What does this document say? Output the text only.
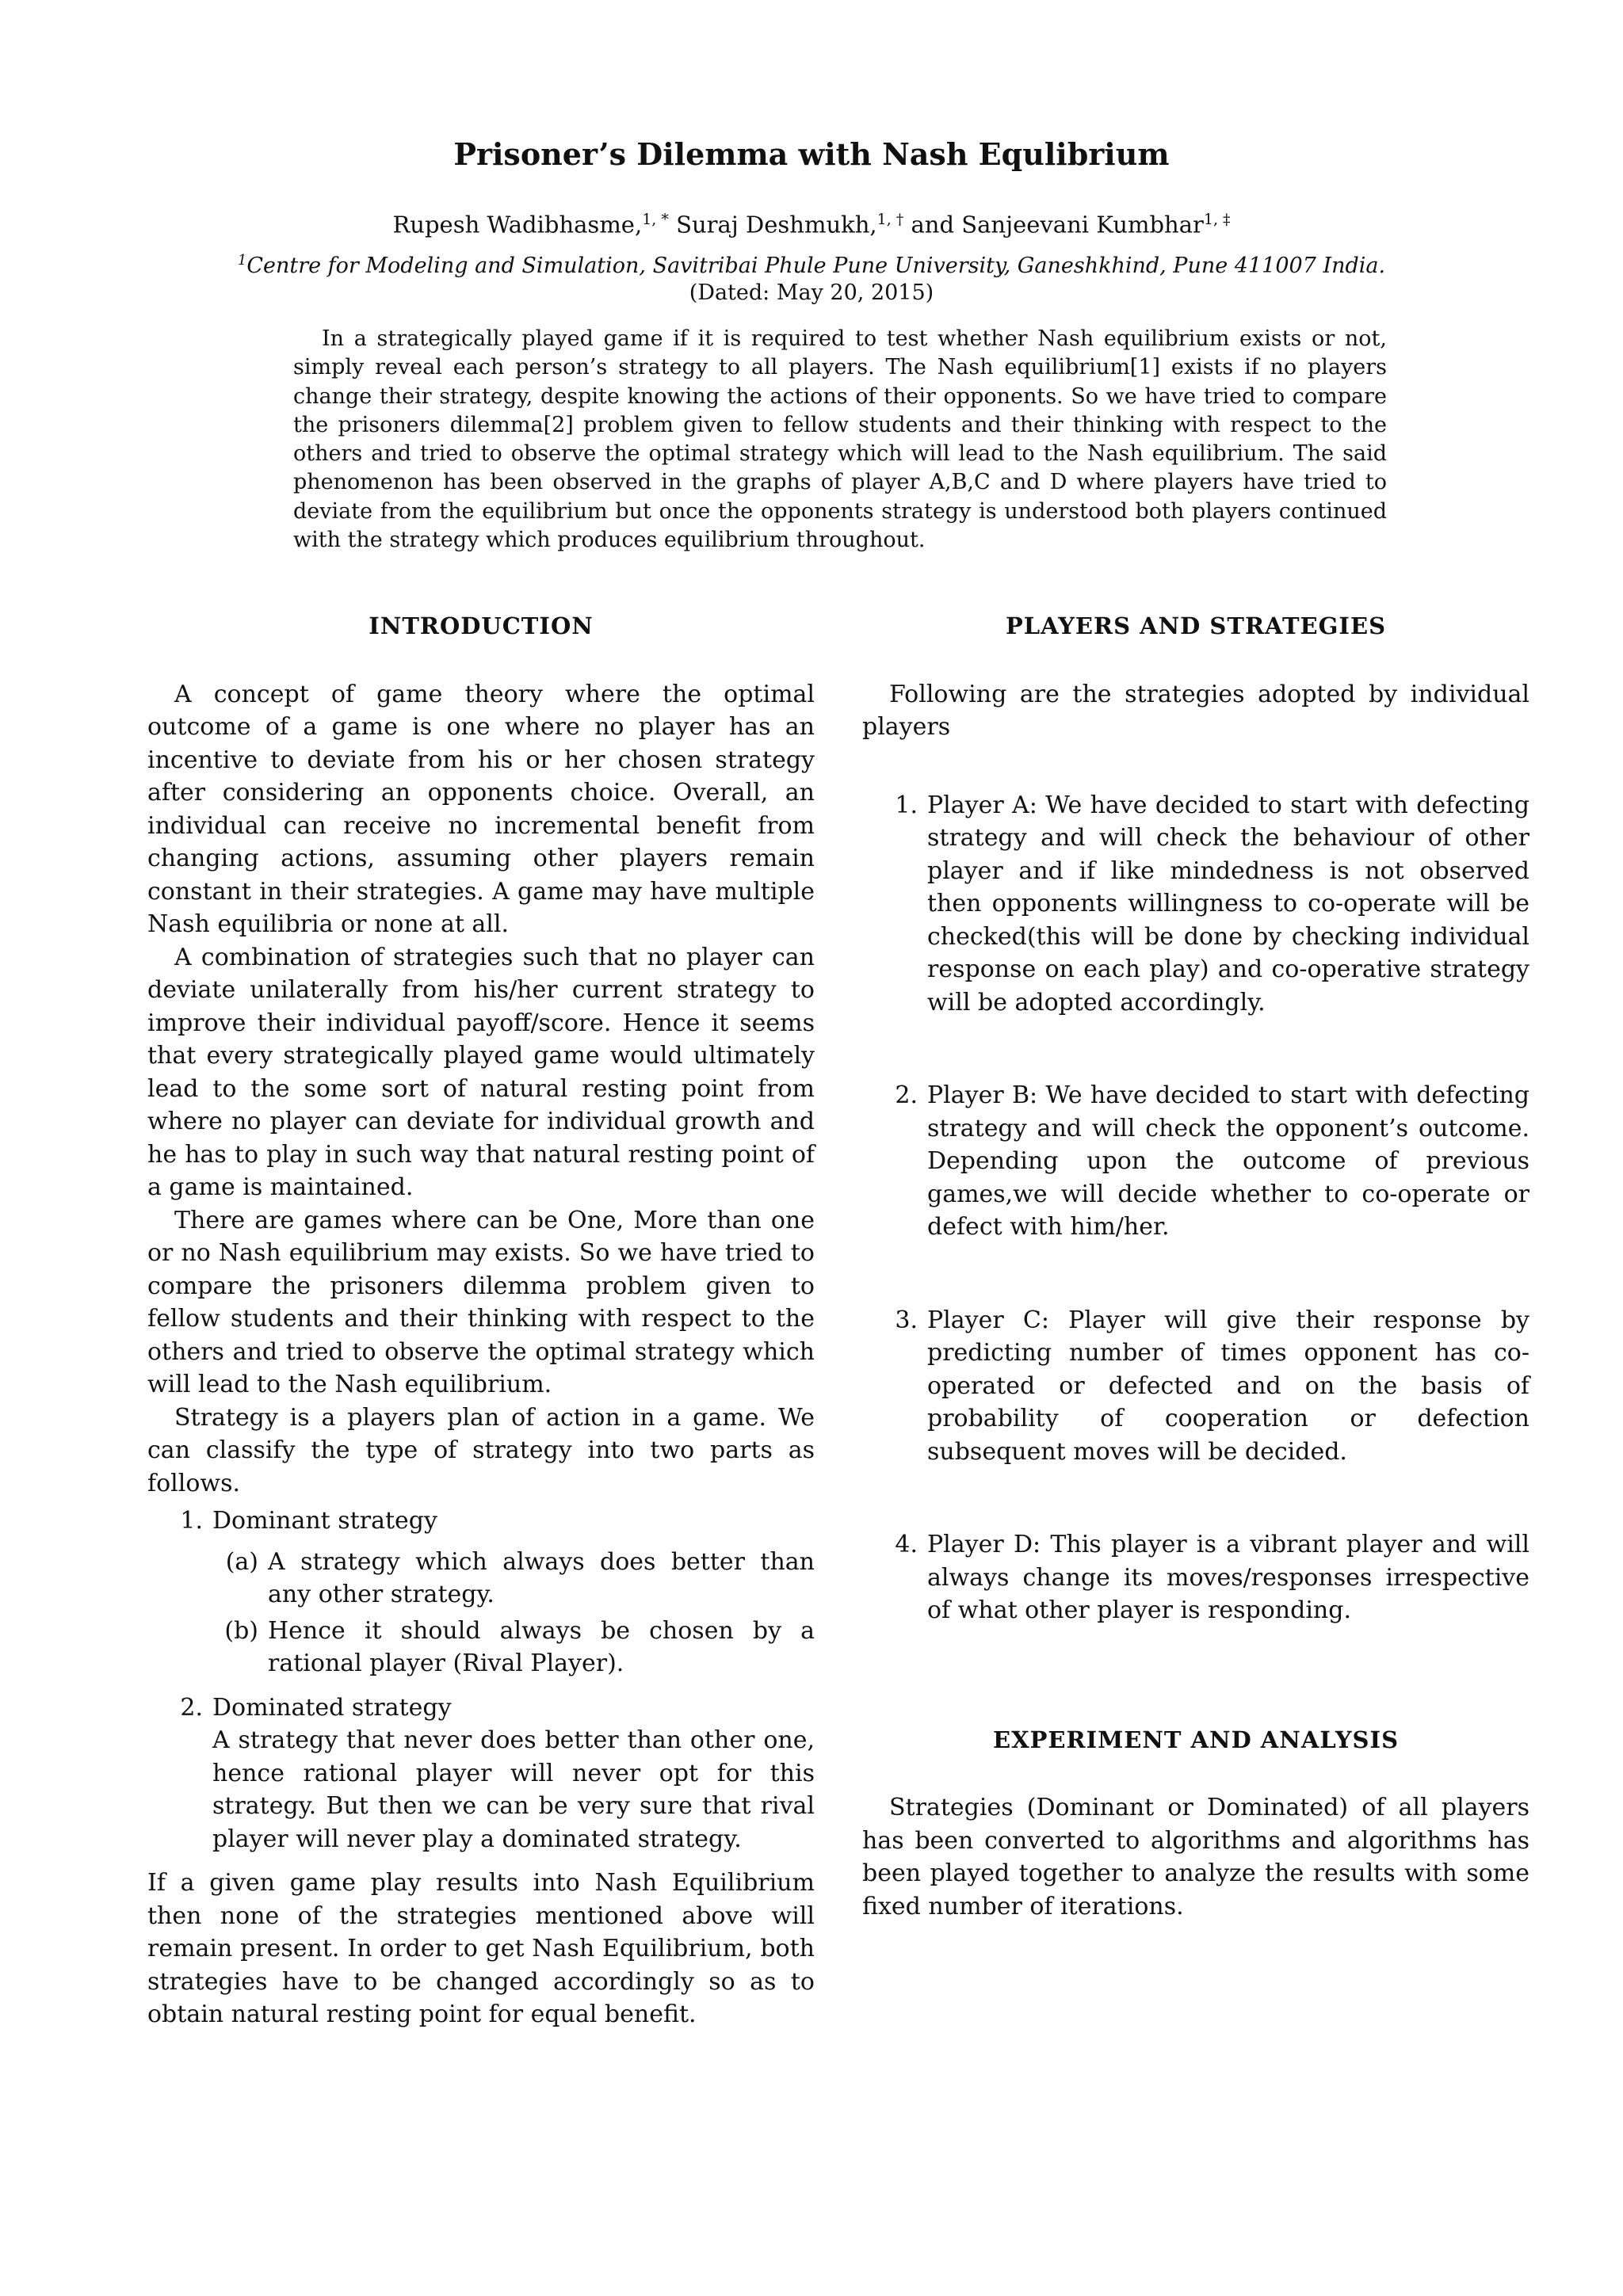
Prisoner’s Dilemma with Nash Equlibrium
Rupesh Wadibhasme,$^{1, *}$ Suraj Deshmukh,$^{1, \dagger}$ and Sanjeevani Kumbhar$^{1, \ddagger}$
$^1$Centre for Modeling and Simulation, Savitribai Phule Pune University, Ganeshkhind, Pune 411007 India.
(Dated: May 20, 2015)

In a strategically played game if it is required to test whether Nash equilibrium exists or not, simply reveal each person’s strategy to all players. The Nash equilibrium[1] exists if no players change their strategy, despite knowing the actions of their opponents. So we have tried to compare the prisoners dilemma[2] problem given to fellow students and their thinking with respect to the others and tried to observe the optimal strategy which will lead to the Nash equilibrium. The said phenomenon has been observed in the graphs of player A,B,C and D where players have tried to deviate from the equilibrium but once the opponents strategy is understood both players continued with the strategy which produces equilibrium throughout.

INTRODUCTION

A concept of game theory where the optimal outcome of a game is one where no player has an incentive to deviate from his or her chosen strategy after considering an opponents choice. Overall, an individual can receive no incremental benefit from changing actions, assuming other players remain constant in their strategies. A game may have multiple Nash equilibria or none at all.

A combination of strategies such that no player can deviate unilaterally from his/her current strategy to improve their individual payoff/score. Hence it seems that every strategically played game would ultimately lead to the some sort of natural resting point from where no player can deviate for individual growth and he has to play in such way that natural resting point of a game is maintained.

There are games where can be One, More than one or no Nash equilibrium may exists. So we have tried to compare the prisoners dilemma problem given to fellow students and their thinking with respect to the others and tried to observe the optimal strategy which will lead to the Nash equilibrium.

Strategy is a players plan of action in a game. We can classify the type of strategy into two parts as follows.

1. Dominant strategy
(a) A strategy which always does better than any other strategy.
(b) Hence it should always be chosen by a rational player (Rival Player).
2. Dominated strategy
A strategy that never does better than other one, hence rational player will never opt for this strategy. But then we can be very sure that rival player will never play a dominated strategy.

If a given game play results into Nash Equilibrium then none of the strategies mentioned above will remain present. In order to get Nash Equilibrium, both strategies have to be changed accordingly so as to obtain natural resting point for equal benefit.

PLAYERS AND STRATEGIES

Following are the strategies adopted by individual players

1. Player A: We have decided to start with defecting strategy and will check the behaviour of other player and if like mindedness is not observed then opponents willingness to co-operate will be checked(this will be done by checking individual response on each play) and co-operative strategy will be adopted accordingly.
2. Player B: We have decided to start with defecting strategy and will check the opponent’s outcome. Depending upon the outcome of previous games,we will decide whether to co-operate or defect with him/her.
3. Player C: Player will give their response by predicting number of times opponent has co-operated or defected and on the basis of probability of cooperation or defection subsequent moves will be decided.
4. Player D: This player is a vibrant player and will always change its moves/responses irrespective of what other player is responding.
EXPERIMENT AND ANALYSIS

Strategies (Dominant or Dominated) of all players has been converted to algorithms and algorithms has been played together to analyze the results with some fixed number of iterations.
